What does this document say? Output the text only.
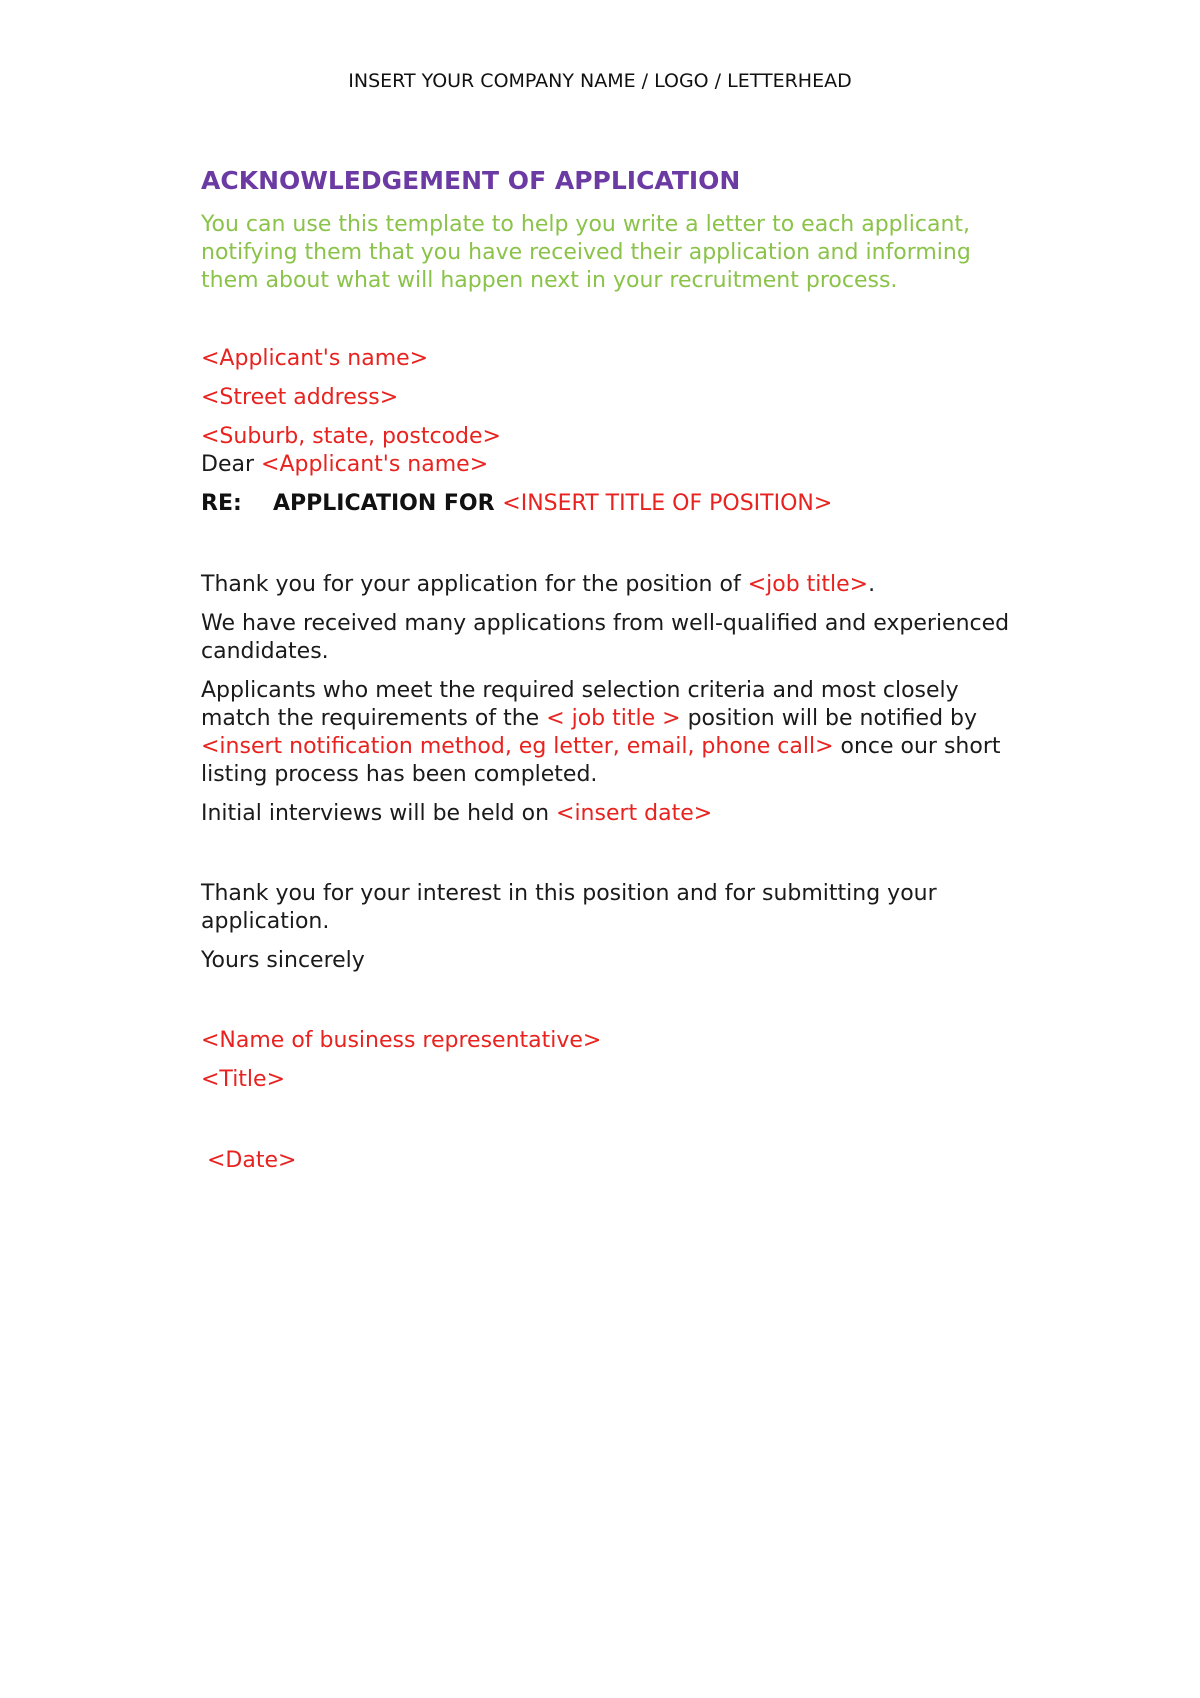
INSERT YOUR COMPANY NAME / LOGO / LETTERHEAD
ACKNOWLEDGEMENT OF APPLICATION

You can use this template to help you write a letter to each applicant, notifying them that you have received their application and informing them about what will happen next in your recruitment process.

<Applicant's name>

<Street address>

<Suburb, state, postcode>

Dear <Applicant's name>

RE: APPLICATION FOR <INSERT TITLE OF POSITION>

Thank you for your application for the position of <job title>.

We have received many applications from well-qualified and experienced candidates.

Applicants who meet the required selection criteria and most closely match the requirements of the < job title > position will be notified by <insert notification method, eg letter, email, phone call> once our short listing process has been completed.

Initial interviews will be held on <insert date>

Thank you for your interest in this position and for submitting your application.

Yours sincerely

<Name of business representative>

<Title>

<Date>
